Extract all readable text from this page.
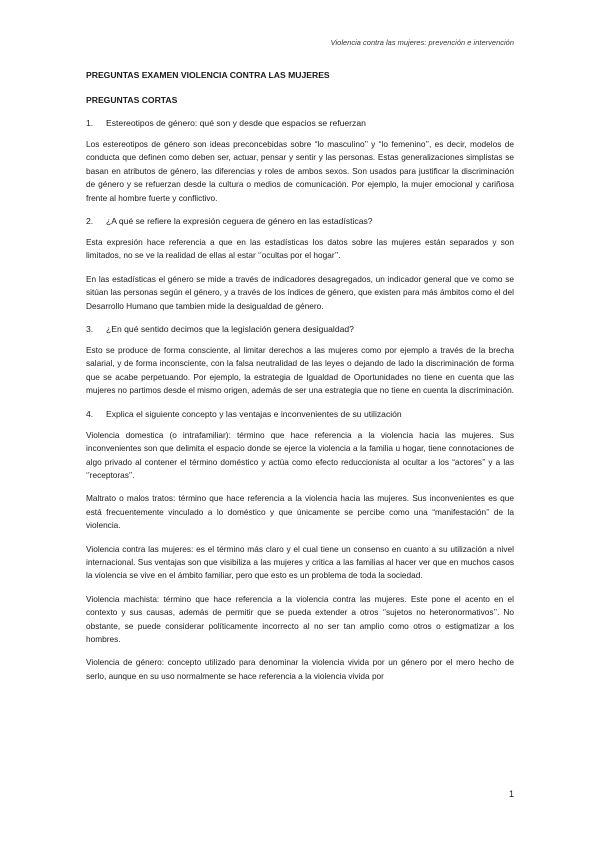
Violencia contra las mujeres: prevención e intervención
PREGUNTAS EXAMEN VIOLENCIA CONTRA LAS MUJERES
PREGUNTAS CORTAS
1.	Estereotipos de género: qué son y desde que espacios se refuerzan

Los estereotipos de género son ideas preconcebidas sobre “lo masculino’’ y “lo femenino’’, es decir, modelos de conducta que definen como deben ser, actuar, pensar y sentir y las personas. Estas generalizaciones simplistas se basan en atributos de género, las diferencias y roles de ambos sexos. Son usados para justificar la discriminación de género y se refuerzan desde la cultura o medios de comunicación. Por ejemplo, la mujer emocional y cariñosa frente al hombre fuerte y conflictivo.

2.	¿A qué se refiere la expresión ceguera de género en las estadísticas?

Esta expresión hace referencia a que en las estadísticas los datos sobre las mujeres están separados y son limitados, no se ve la realidad de ellas al estar ‘’ocultas por el hogar’’.

En las estadísticas el género se mide a través de indicadores desagregados, un indicador general que ve como se sitúan las personas según el género, y a través de los índices de género, que existen para más ámbitos como el del Desarrollo Humano que tambien mide la desigualdad de género.

3.	¿En qué sentido decimos que la legislación genera desigualdad?

Esto se produce de forma consciente, al limitar derechos a las mujeres como por ejemplo a través de la brecha salarial, y de forma inconsciente, con la falsa neutralidad de las leyes o dejando de lado la discriminación de forma que se acabe perpetuando. Por ejemplo, la estrategia de Igualdad de Oportunidades no tiene en cuenta que las mujeres no partimos desde el mismo origen, además de ser una estrategia que no tiene en cuenta la discriminación.

4.	Explica el siguiente concepto y las ventajas e inconvenientes de su utilización

Violencia domestica (o intrafamiliar): término que hace referencia a la violencia hacia las mujeres. Sus inconvenientes son que delimita el espacio donde se ejerce la violencia a la familia u hogar, tiene connotaciones de algo privado al contener el término doméstico y actúa como efecto reduccionista al ocultar a los “actores’’ y a las ‘’receptoras’’.

Maltrato o malos tratos: término que hace referencia a la violencia hacia las mujeres. Sus inconvenientes es que está frecuentemente vinculado a lo doméstico y que únicamente se percibe como una “manifestación’’ de la violencia.

Violencia contra las mujeres: es el término más claro y el cual tiene un consenso en cuanto a su utilización a nivel internacional. Sus ventajas son que visibiliza a las mujeres y critica a las familias al hacer ver que en muchos casos la violencia se vive en el ámbito familiar, pero que esto es un problema de toda la sociedad.

Violencia machista: término que hace referencia a la violencia contra las mujeres. Este pone el acento en el contexto y sus causas, además de permitir que se pueda extender a otros ‘’sujetos no heteronormativos’’. No obstante, se puede considerar políticamente incorrecto al no ser tan amplio como otros o estigmatizar a los hombres.

Violencia de género: concepto utilizado para denominar la violencia vivida por un género por el mero hecho de serlo, aunque en su uso normalmente se hace referencia a la violencia vivida por

1
